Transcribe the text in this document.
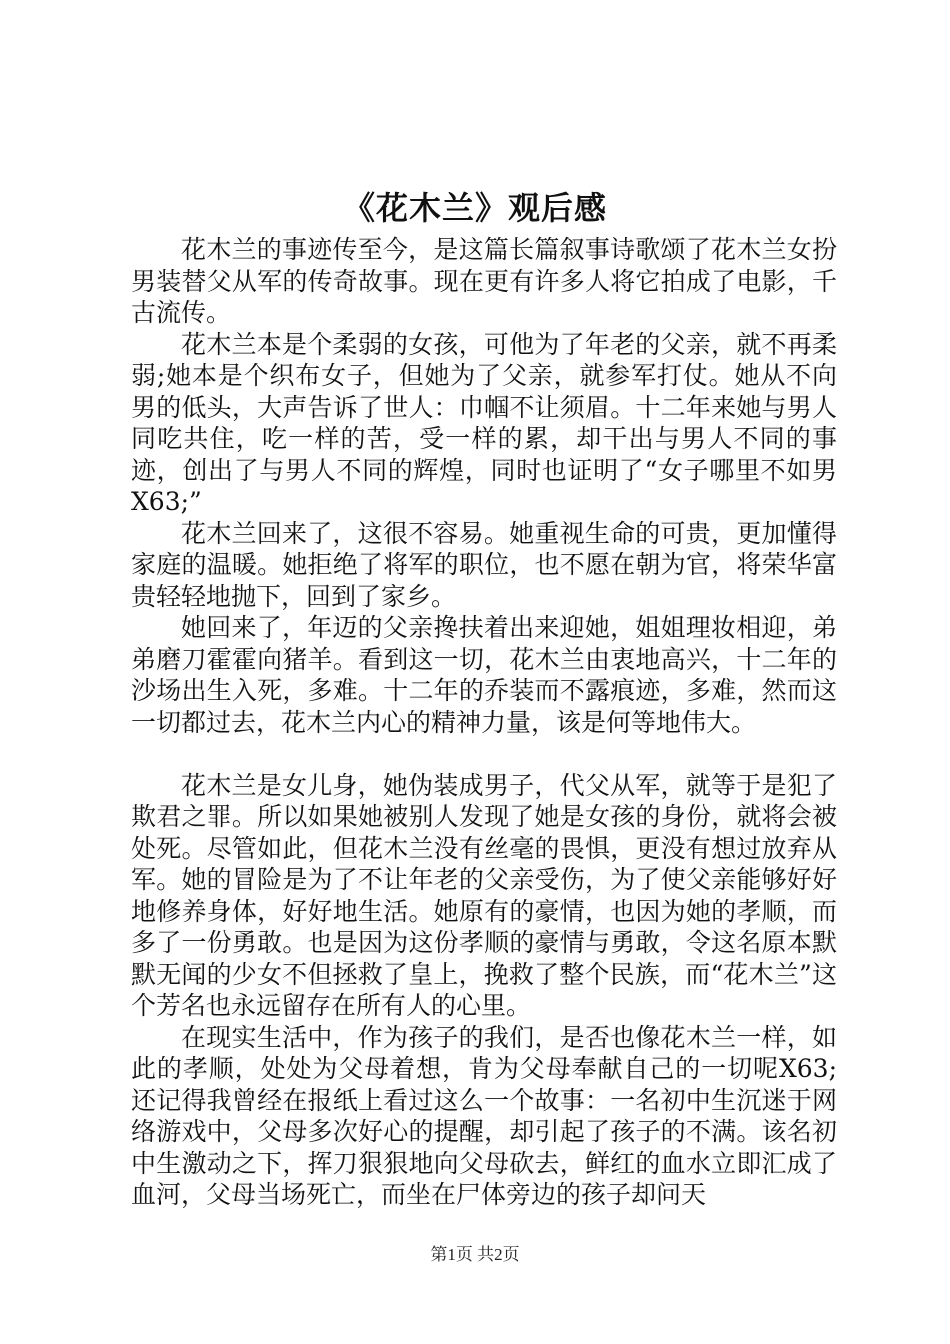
《花木兰》观后感

花木兰的事迹传至今，是这篇长篇叙事诗歌颂了花木兰女扮男装替父从军的传奇故事。现在更有许多人将它拍成了电影，千古流传。

花木兰本是个柔弱的女孩，可他为了年老的父亲，就不再柔弱;她本是个织布女子，但她为了父亲，就参军打仗。她从不向男的低头，大声告诉了世人：巾帼不让须眉。十二年来她与男人同吃共住，吃一样的苦，受一样的累，却干出与男人不同的事迹，创出了与男人不同的辉煌，同时也证明了“女子哪里不如男X63;”

花木兰回来了，这很不容易。她重视生命的可贵，更加懂得家庭的温暖。她拒绝了将军的职位，也不愿在朝为官，将荣华富贵轻轻地抛下，回到了家乡。

她回来了，年迈的父亲搀扶着出来迎她，姐姐理妆相迎，弟弟磨刀霍霍向猪羊。看到这一切，花木兰由衷地高兴，十二年的沙场出生入死，多难。十二年的乔装而不露痕迹，多难，然而这一切都过去，花木兰内心的精神力量，该是何等地伟大。

花木兰是女儿身，她伪装成男子，代父从军，就等于是犯了欺君之罪。所以如果她被别人发现了她是女孩的身份，就将会被处死。尽管如此，但花木兰没有丝毫的畏惧，更没有想过放弃从军。她的冒险是为了不让年老的父亲受伤，为了使父亲能够好好地修养身体，好好地生活。她原有的豪情，也因为她的孝顺，而多了一份勇敢。也是因为这份孝顺的豪情与勇敢，令这名原本默默无闻的少女不但拯救了皇上，挽救了整个民族，而“花木兰”这个芳名也永远留存在所有人的心里。

在现实生活中，作为孩子的我们，是否也像花木兰一样，如此的孝顺，处处为父母着想，肯为父母奉献自己的一切呢X63;还记得我曾经在报纸上看过这么一个故事：一名初中生沉迷于网络游戏中，父母多次好心的提醒，却引起了孩子的不满。该名初中生激动之下，挥刀狠狠地向父母砍去，鲜红的血水立即汇成了血河，父母当场死亡，而坐在尸体旁边的孩子却问天

第1页 共2页
